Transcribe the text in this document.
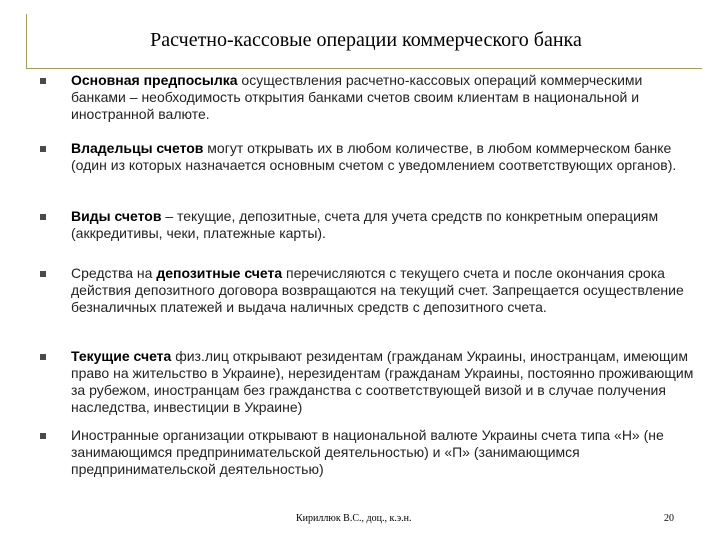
Расчетно-кассовые операции коммерческого банка
Основная предпосылка осуществления расчетно-кассовых операций коммерческими банками – необходимость открытия банками счетов своим клиентам в национальной и иностранной валюте.
Владельцы счетов могут открывать их в любом количестве, в любом коммерческом банке (один из которых назначается основным счетом с уведомлением соответствующих органов).
Виды счетов – текущие, депозитные, счета для учета средств по конкретным операциям (аккредитивы, чеки, платежные карты).
Средства на депозитные счета перечисляются с текущего счета и после окончания срока действия депозитного договора возвращаются на текущий счет. Запрещается осуществление безналичных платежей и выдача наличных средств с депозитного счета.
Текущие счета физ.лиц открывают резидентам (гражданам Украины, иностранцам, имеющим право на жительство в Украине), нерезидентам (гражданам Украины, постоянно проживающим за рубежом, иностранцам без гражданства с соответствующей визой и в случае получения наследства, инвестиции в Украине)
Иностранные организации открывают в национальной валюте Украины счета типа «Н» (не занимающимся предпринимательской деятельностью) и «П» (занимающимся предпринимательской деятельностью)
Кириллюк В.С., доц., к.э.н.	20
